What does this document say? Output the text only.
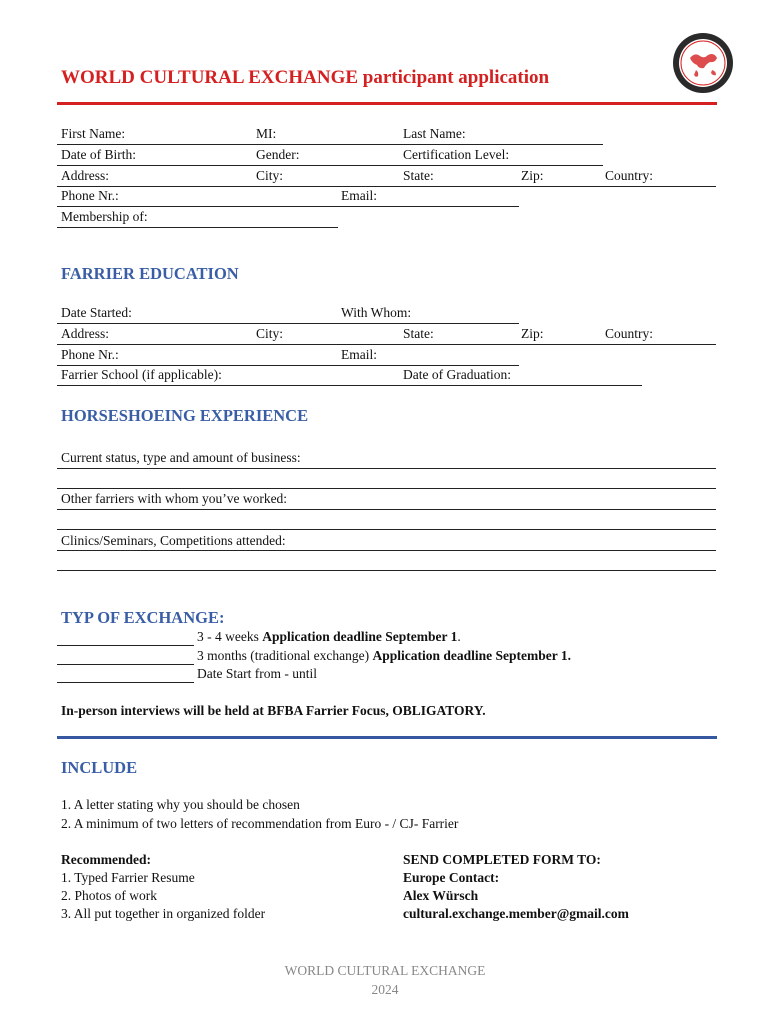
WORLD CULTURAL EXCHANGE participant application
First Name:	MI:	Last Name:
Date of Birth:	Gender:	Certification Level:
Address:	City:	State:	Zip:	Country:
Phone Nr.:	Email:
Membership of:
FARRIER EDUCATION
Date Started:	With Whom:
Address:	City:	State:	Zip:	Country:
Phone Nr.:	Email:
Farrier School (if applicable):	Date of Graduation:
HORSESHOEING EXPERIENCE
Current status, type and amount of business:
Other farriers with whom you’ve worked:
Clinics/Seminars, Competitions attended:
TYP OF EXCHANGE:
3 - 4 weeks Application deadline September 1.
3 months (traditional exchange) Application deadline September 1.
Date Start from - until
In-person interviews will be held at BFBA Farrier Focus, OBLIGATORY.
INCLUDE
1. A letter stating why you should be chosen
2. A minimum of two letters of recommendation from Euro - / CJ- Farrier
Recommended:
1. Typed Farrier Resume
2. Photos of work
3. All put together in organized folder
SEND COMPLETED FORM TO:
Europe Contact:
Alex Würsch
cultural.exchange.member@gmail.com
WORLD CULTURAL EXCHANGE
2024
